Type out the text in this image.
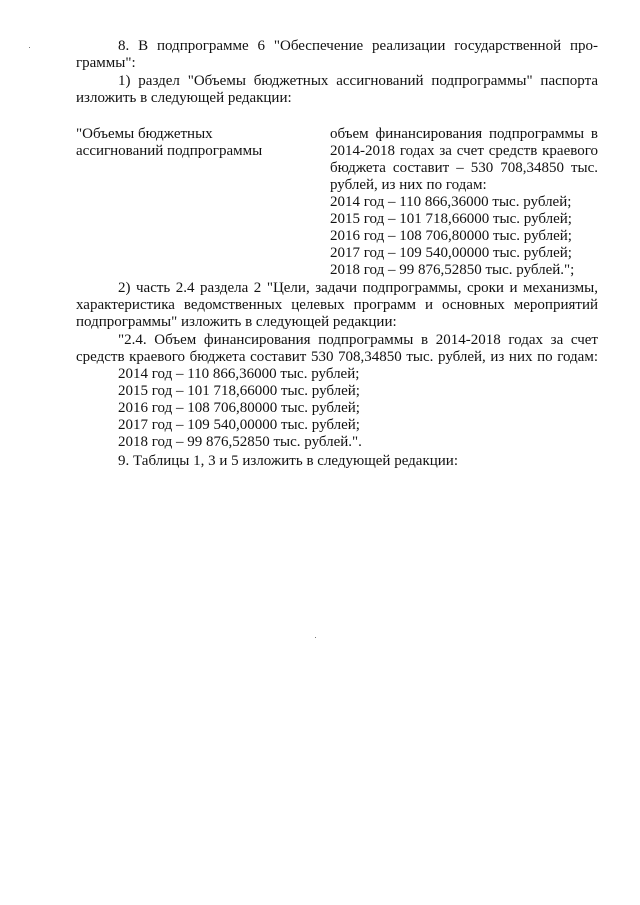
8. В подпрограмме 6 "Обеспечение реализации государственной про-
граммы":
1) раздел "Объемы бюджетных ассигнований подпрограммы" паспорта
изложить в следующей редакции:
"Объемы бюджетных
ассигнований подпрограммы
объем финансирования подпрограммы в
2014-2018 годах за счет средств краевого
бюджета составит – 530 708,34850 тыс.
рублей, из них по годам:
2014 год – 110 866,36000 тыс. рублей;
2015 год – 101 718,66000 тыс. рублей;
2016 год – 108 706,80000 тыс. рублей;
2017 год – 109 540,00000 тыс. рублей;
2018 год – 99 876,52850 тыс. рублей.";
2) часть 2.4 раздела 2 "Цели, задачи подпрограммы, сроки и механизмы,
характеристика ведомственных целевых программ и основных мероприятий
подпрограммы" изложить в следующей редакции:
"2.4. Объем финансирования подпрограммы в 2014-2018 годах за счет
средств краевого бюджета составит 530 708,34850 тыс. рублей, из них по годам:
2014 год – 110 866,36000 тыс. рублей;
2015 год – 101 718,66000 тыс. рублей;
2016 год – 108 706,80000 тыс. рублей;
2017 год – 109 540,00000 тыс. рублей;
2018 год – 99 876,52850 тыс. рублей.".
9. Таблицы 1, 3 и 5 изложить в следующей редакции:
